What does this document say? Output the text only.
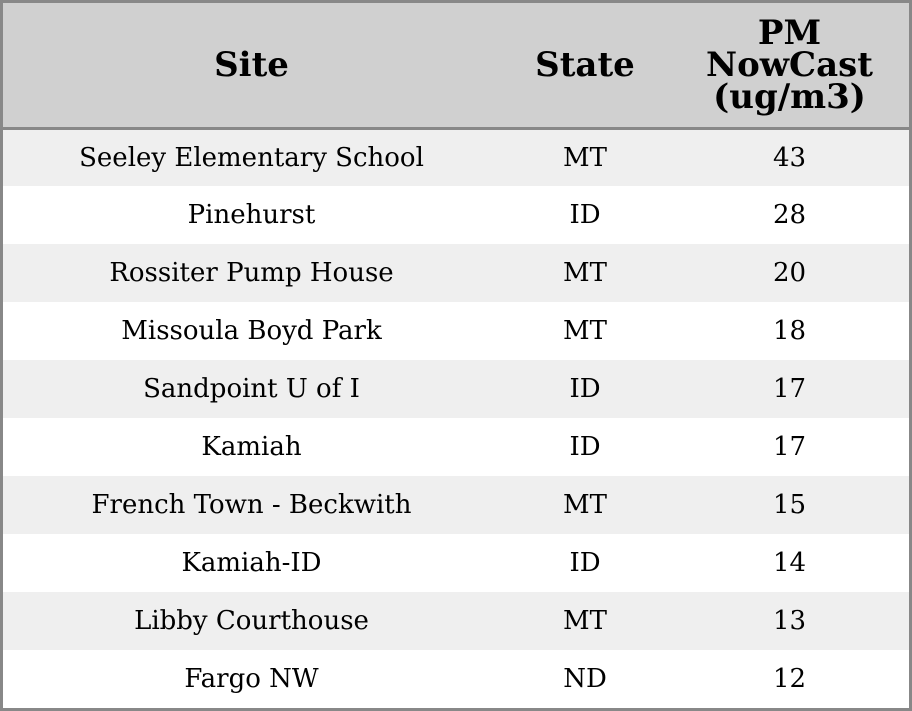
Site	State	PM
NowCast
(ug/m3)
Seeley Elementary School	MT	43
Pinehurst	ID	28
Rossiter Pump House	MT	20
Missoula Boyd Park	MT	18
Sandpoint U of I	ID	17
Kamiah	ID	17
French Town - Beckwith	MT	15
Kamiah-ID	ID	14
Libby Courthouse	MT	13
Fargo NW	ND	12
